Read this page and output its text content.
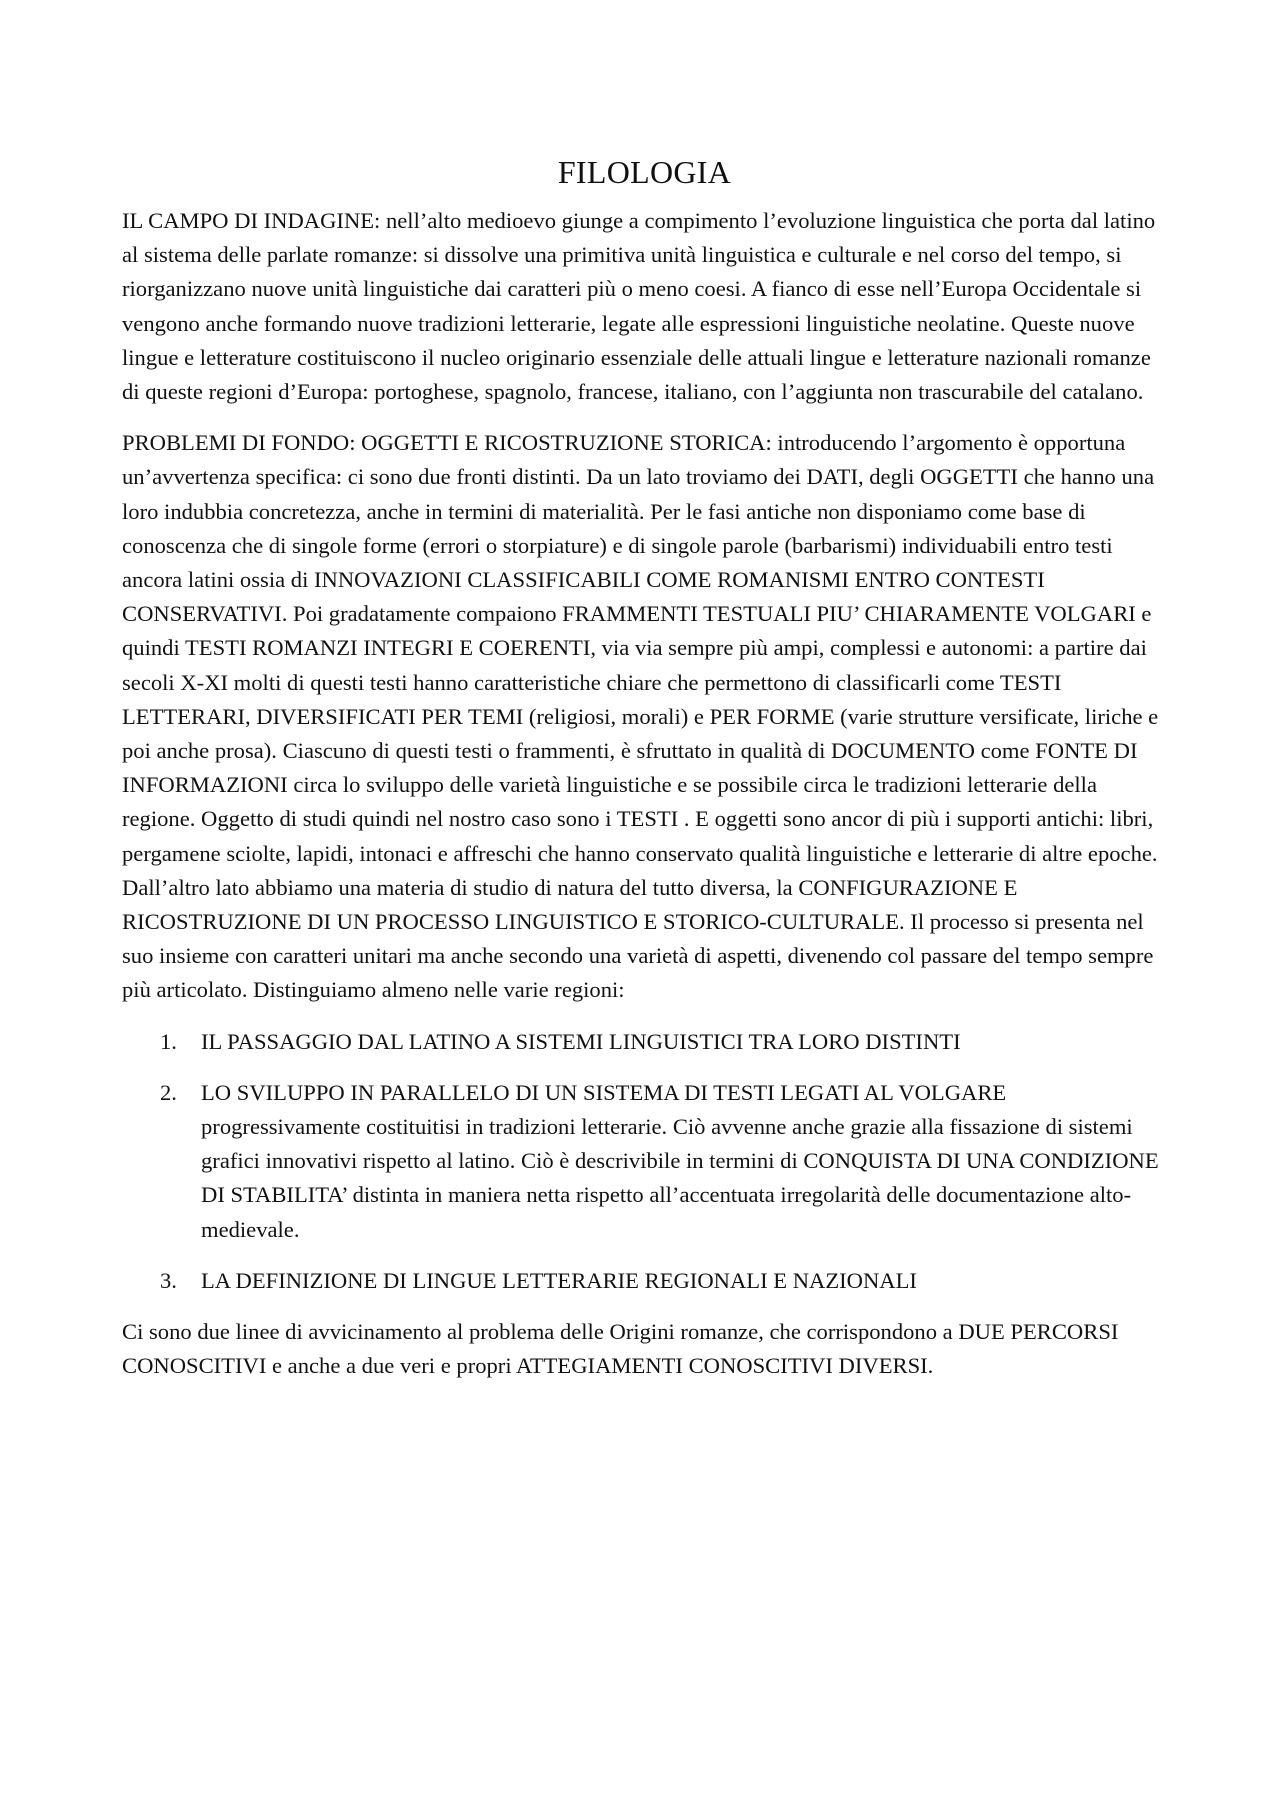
FILOLOGIA

IL CAMPO DI INDAGINE: nell’alto medioevo giunge a compimento l’evoluzione linguistica che porta dal latino al sistema delle parlate romanze: si dissolve una primitiva unità linguistica e culturale e nel corso del tempo, si riorganizzano nuove unità linguistiche dai caratteri più o meno coesi. A fianco di esse nell’Europa Occidentale si vengono anche formando nuove tradizioni letterarie, legate alle espressioni linguistiche neolatine. Queste nuove lingue e letterature costituiscono il nucleo originario essenziale delle attuali lingue e letterature nazionali romanze di queste regioni d’Europa: portoghese, spagnolo, francese, italiano, con l’aggiunta non trascurabile del catalano.

PROBLEMI DI FONDO: OGGETTI E RICOSTRUZIONE STORICA: introducendo l’argomento è opportuna un’avvertenza specifica: ci sono due fronti distinti. Da un lato troviamo dei DATI, degli OGGETTI che hanno una loro indubbia concretezza, anche in termini di materialità. Per le fasi antiche non disponiamo come base di conoscenza che di singole forme (errori o storpiature) e di singole parole (barbarismi) individuabili entro testi ancora latini ossia di INNOVAZIONI CLASSIFICABILI COME ROMANISMI ENTRO CONTESTI CONSERVATIVI. Poi gradatamente compaiono FRAMMENTI TESTUALI PIU’ CHIARAMENTE VOLGARI e quindi TESTI ROMANZI INTEGRI E COERENTI, via via sempre più ampi, complessi e autonomi: a partire dai secoli X-XI molti di questi testi hanno caratteristiche chiare che permettono di classificarli come TESTI LETTERARI, DIVERSIFICATI PER TEMI (religiosi, morali) e PER FORME (varie strutture versificate, liriche e poi anche prosa). Ciascuno di questi testi o frammenti, è sfruttato in qualità di DOCUMENTO come FONTE DI INFORMAZIONI circa lo sviluppo delle varietà linguistiche e se possibile circa le tradizioni letterarie della regione. Oggetto di studi quindi nel nostro caso sono i TESTI . E oggetti sono ancor di più i supporti antichi: libri, pergamene sciolte, lapidi, intonaci e affreschi che hanno conservato qualità linguistiche e letterarie di altre epoche. Dall’altro lato abbiamo una materia di studio di natura del tutto diversa, la CONFIGURAZIONE E RICOSTRUZIONE DI UN PROCESSO LINGUISTICO E STORICO-CULTURALE. Il processo si presenta nel suo insieme con caratteri unitari ma anche secondo una varietà di aspetti, divenendo col passare del tempo sempre più articolato. Distinguiamo almeno nelle varie regioni:

1. IL PASSAGGIO DAL LATINO A SISTEMI LINGUISTICI TRA LORO DISTINTI
2. LO SVILUPPO IN PARALLELO DI UN SISTEMA DI TESTI LEGATI AL VOLGARE progressivamente costituitisi in tradizioni letterarie. Ciò avvenne anche grazie alla fissazione di sistemi grafici innovativi rispetto al latino. Ciò è descrivibile in termini di CONQUISTA DI UNA CONDIZIONE DI STABILITA’ distinta in maniera netta rispetto all’accentuata irregolarità delle documentazione alto-medievale.
3. LA DEFINIZIONE DI LINGUE LETTERARIE REGIONALI E NAZIONALI

Ci sono due linee di avvicinamento al problema delle Origini romanze, che corrispondono a DUE PERCORSI CONOSCITIVI e anche a due veri e propri ATTEGIAMENTI CONOSCITIVI DIVERSI.
